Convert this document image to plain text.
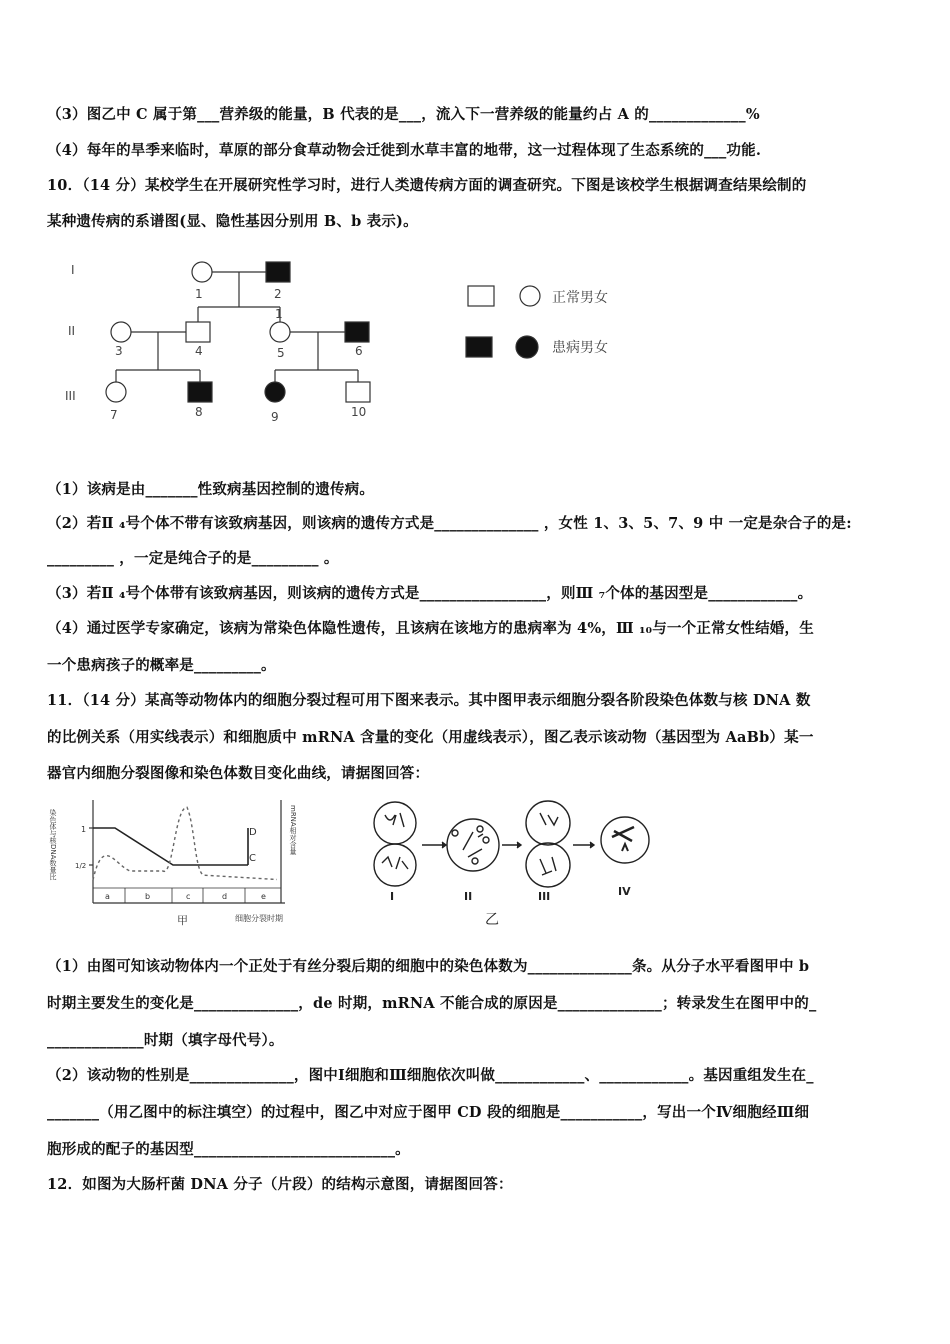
（3）图乙中 C 属于第___营养级的能量，B 代表的是___，流入下一营养级的能量约占 A 的_____________%
（4）每年的旱季来临时，草原的部分食草动物会迁徙到水草丰富的地带，这一过程体现了生态系统的___功能.
10．（14 分）某校学生在开展研究性学习时，进行人类遗传病方面的调查研究。下图是该校学生根据调查结果绘制的
某种遗传病的系谱图(显、隐性基因分别用 B、b 表示)。
I
II
III
1	2
1
3	4	5	6
7	8	9	10
正常男女
患病男女
（1）该病是由_______性致病基因控制的遗传病。
（2）若Ⅱ ₄号个体不带有该致病基因，则该病的遗传方式是______________ ，女性 1、3、5、7、9 中 一定是杂合子的是:
_________ ，一定是纯合子的是_________ 。
（3）若Ⅱ ₄号个体带有该致病基因，则该病的遗传方式是_________________，则Ⅲ ₇个体的基因型是____________。
（4）通过医学专家确定，该病为常染色体隐性遗传，且该病在该地方的患病率为 4%，Ⅲ ₁₀与一个正常女性结婚，生
一个患病孩子的概率是_________。
11．（14 分）某高等动物体内的细胞分裂过程可用下图来表示。其中图甲表示细胞分裂各阶段染色体数与核 DNA 数
的比例关系（用实线表示）和细胞质中 mRNA 含量的变化（用虚线表示），图乙表示该动物（基因型为 AaBb）某一
器官内细胞分裂图像和染色体数目变化曲线，请据图回答：
染色体与核DNA数量比	1
1/2
mRNA相对含量
a	b	c	d	e
D
C
甲	细胞分裂时期
I	II	III	IV
乙
（1）由图可知该动物体内一个正处于有丝分裂后期的细胞中的染色体数为______________条。从分子水平看图甲中 b
时期主要发生的变化是______________，de 时期，mRNA 不能合成的原因是______________；转录发生在图甲中的_
_____________时期（填字母代号）。
（2）该动物的性别是______________，图中Ⅰ细胞和Ⅲ细胞依次叫做____________、____________。基因重组发生在_
_______（用乙图中的标注填空）的过程中，图乙中对应于图甲 CD 段的细胞是___________，写出一个Ⅳ细胞经Ⅲ细
胞形成的配子的基因型___________________________。
12．如图为大肠杆菌 DNA 分子（片段）的结构示意图，请据图回答：
